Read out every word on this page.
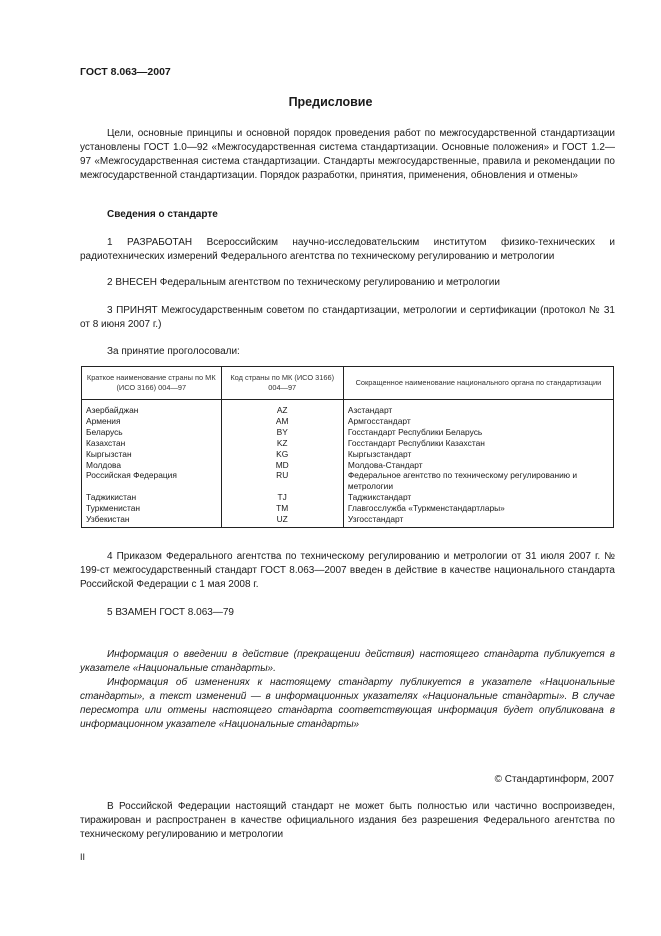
ГОСТ 8.063—2007
Предисловие

Цели, основные принципы и основной порядок проведения работ по межгосударственной стандартизации установлены ГОСТ 1.0—92 «Межгосударственная система стандартизации. Основные положения» и ГОСТ 1.2—97 «Межгосударственная система стандартизации. Стандарты межгосударственные, правила и рекомендации по межгосударственной стандартизации. Порядок разработки, принятия, применения, обновления и отмены»

Сведения о стандарте

1 РАЗРАБОТАН Всероссийским научно-исследовательским институтом физико-технических и радиотехнических измерений Федерального агентства по техническому регулированию и метрологии

2 ВНЕСЕН Федеральным агентством по техническому регулированию и метрологии

3 ПРИНЯТ Межгосударственным советом по стандартизации, метрологии и сертификации (протокол № 31 от 8 июня 2007 г.)

За принятие проголосовали:

Краткое наименование страны по МК (ИСО 3166) 004—97	Код страны по МК (ИСО 3166) 004—97	Сокращенное наименование национального органа по стандартизации
Азербайджан	AZ	Азстандарт
Армения	AM	Армгосстандарт
Беларусь	BY	Госстандарт Республики Беларусь
Казахстан	KZ	Госстандарт Республики Казахстан
Кыргызстан	KG	Кыргызстандарт
Молдова	MD	Молдова-Стандарт
Российская Федерация	RU	Федеральное агентство по техническому регулированию и метрологии
Таджикистан	TJ	Таджикстандарт
Туркменистан	TM	Главгосслужба «Туркменстандартлары»
Узбекистан	UZ	Узгосстандарт

4 Приказом Федерального агентства по техническому регулированию и метрологии от 31 июля 2007 г. № 199-ст межгосударственный стандарт ГОСТ 8.063—2007 введен в действие в качестве национального стандарта Российской Федерации с 1 мая 2008 г.

5 ВЗАМЕН ГОСТ 8.063—79

Информация о введении в действие (прекращении действия) настоящего стандарта публикуется в указателе «Национальные стандарты».

Информация об изменениях к настоящему стандарту публикуется в указателе «Национальные стандарты», а текст изменений — в информационных указателях «Национальные стандарты». В случае пересмотра или отмены настоящего стандарта соответствующая информация будет опубликована в информационном указателе «Национальные стандарты»

© Стандартинформ, 2007

В Российской Федерации настоящий стандарт не может быть полностью или частично воспроизведен, тиражирован и распространен в качестве официального издания без разрешения Федерального агентства по техническому регулированию и метрологии

II
